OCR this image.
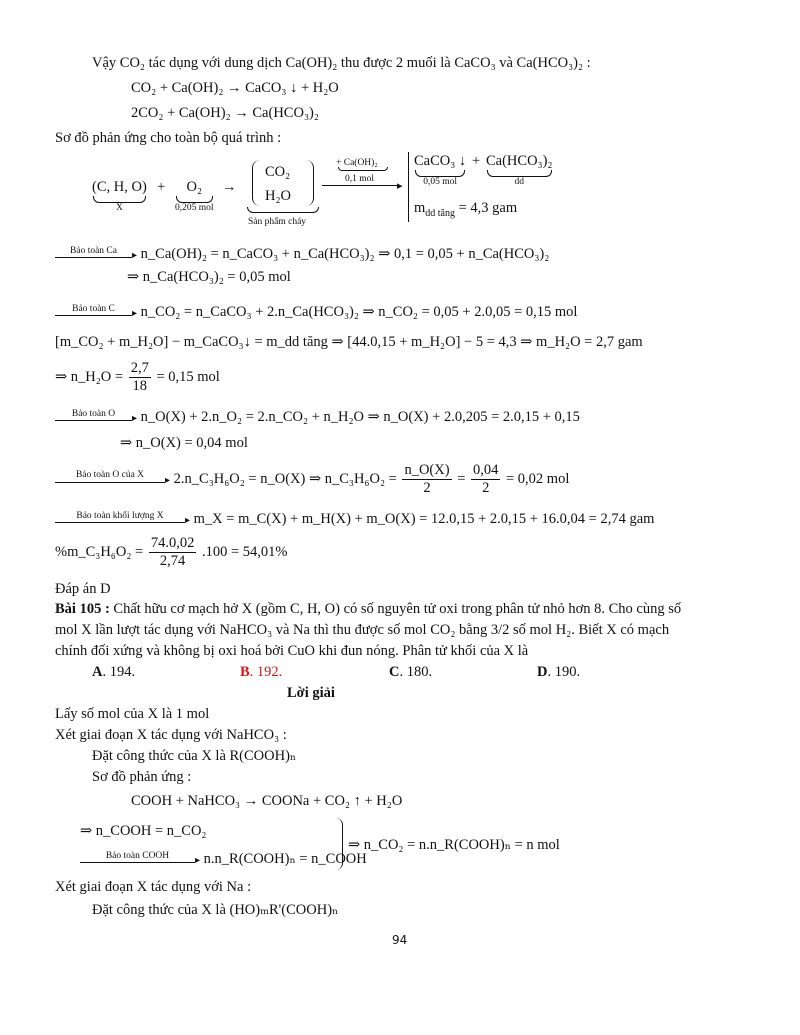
Vậy CO₂ tác dụng với dung dịch Ca(OH)₂ thu được 2 muối là CaCO₃ và Ca(HCO₃)₂ :
CO₂ + Ca(OH)₂ → CaCO₃ ↓ + H₂O
2CO₂ + Ca(OH)₂ → Ca(HCO₃)₂
Sơ đồ phản ứng cho toàn bộ quá trình :
(C, H, O)
X
+	O₂
0,205 mol
→
CO₂
H₂O
Sản phẩm cháy
+ Ca(OH)₂
0,1 mol
▸
CaCO₃ ↓
0,05 mol
+ Ca(HCO₃)₂
dd
$m_{dd tăng} = 4,3$ gam
Bảo toàn Ca	▸ n_Ca(OH)₂ = n_CaCO₃ + n_Ca(HCO₃)₂ ⇒ 0,1 = 0,05 + n_Ca(HCO₃)₂
⇒ n_Ca(HCO₃)₂ = 0,05 mol
Bảo toàn C	▸ n_CO₂ = n_CaCO₃ + 2.n_Ca(HCO₃)₂ ⇒ n_CO₂ = 0,05 + 2.0,05 = 0,15 mol
[m_CO₂ + m_H₂O] − m_CaCO₃↓ = m_dd tăng ⇒ [44.0,15 + m_H₂O] − 5 = 4,3 ⇒ m_H₂O = 2,7 gam
⇒ n_H₂O = $\frac{2,7}{18} = 0,15$ mol
Bảo toàn O	▸ n_O(X) + 2.n_O₂ = 2.n_CO₂ + n_H₂O ⇒ n_O(X) + 2.0,205 = 2.0,15 + 0,15
⇒ n_O(X) = 0,04 mol
Bảo toàn O của X	▸ 2.n_C₃H₆O₂ = n_O(X) ⇒ n_C₃H₆O₂ = $\frac{n\_O(X)}{2} = \frac{0,04}{2} = 0,02$ mol
Bảo toàn khối lượng X	▸ m_X = m_C(X) + m_H(X) + m_O(X) = 12.0,15 + 2.0,15 + 16.0,04 = 2,74 gam
%m_C₃H₆O₂ = $\frac{74.0,02}{2,74} .100 = 54,01\%$
Đáp án D
Bài 105 : Chất hữu cơ mạch hở X (gồm C, H, O) có số nguyên tử oxi trong phân tử nhỏ hơn 8. Cho cùng số
mol X lần lượt tác dụng với NaHCO₃ và Na thì thu được số mol CO₂ bằng 3/2 số mol H₂. Biết X có mạch
chính đối xứng và không bị oxi hoá bởi CuO khi đun nóng. Phân tử khối của X là
A. 194.	B. 192.	C. 180.	D. 190.
Lời giải
Lấy số mol của X là 1 mol
Xét giai đoạn X tác dụng với NaHCO₃ :
Đặt công thức của X là R(COOH)ₙ
Sơ đồ phản ứng :
COOH + NaHCO₃ → COONa + CO₂ ↑ + H₂O
⇒ n_COOH = n_CO₂
Bảo toàn COOH	▸ n.n_R(COOH)ₙ = n_COOH
⇒ n_CO₂ = n.n_R(COOH)ₙ = n mol
Xét giai đoạn X tác dụng với Na :
Đặt công thức của X là (HO)ₘR'(COOH)ₙ
94
